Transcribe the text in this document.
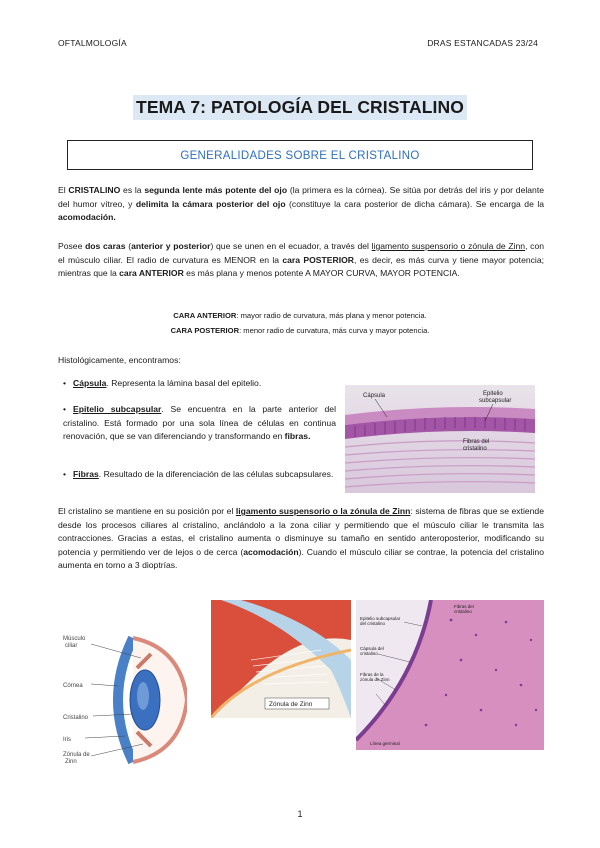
OFTALMOLOGÍA	DRAS ESTANCADAS 23/24
TEMA 7: PATOLOGÍA DEL CRISTALINO
GENERALIDADES SOBRE EL CRISTALINO
El CRISTALINO es la segunda lente más potente del ojo (la primera es la córnea). Se sitúa por detrás del iris y por delante del humor vítreo, y delimita la cámara posterior del ojo (constituye la cara posterior de dicha cámara). Se encarga de la acomodación.
Posee dos caras (anterior y posterior) que se unen en el ecuador, a través del ligamento suspensorio o zónula de Zinn, con el músculo ciliar. El radio de curvatura es MENOR en la cara POSTERIOR, es decir, es más curva y tiene mayor potencia; mientras que la cara ANTERIOR es más plana y menos potente A MAYOR CURVA, MAYOR POTENCIA.
CARA ANTERIOR: mayor radio de curvatura, más plana y menor potencia.
CARA POSTERIOR: menor radio de curvatura, más curva y mayor potencia.
Histológicamente, encontramos:
• Cápsula. Representa la lámina basal del epitelio.
• Epitelio subcapsular. Se encuentra en la parte anterior del cristalino. Está formado por una sola línea de células en continua renovación, que se van diferenciando y transformando en fibras.
• Fibras. Resultado de la diferenciación de las células subcapsulares.
Cápsula	Epitelio
subcapsular
Fibras del
cristalino
El cristalino se mantiene en su posición por el ligamento suspensorio o la zónula de Zinn: sistema de fibras que se extiende desde los procesos ciliares al cristalino, anclándolo a la zona ciliar y permitiendo que el músculo ciliar le transmita las contracciones. Gracias a estas, el cristalino aumenta o disminuye su tamaño en sentido anteroposterior, modificando su potencia y permitiendo ver de lejos o de cerca (acomodación). Cuando el músculo ciliar se contrae, la potencia del cristalino aumenta en torno a 3 dioptrías.
Músculo
ciliar
Córnea
Cristalino
Iris
Zónula de
Zinn
Zónula de Zinn
Fibras del
cristalino
Epitelio subcapsular
del cristalino
Cápsula del
cristalino
Fibras de la
zónula de Zinn
Línea germinal
1
